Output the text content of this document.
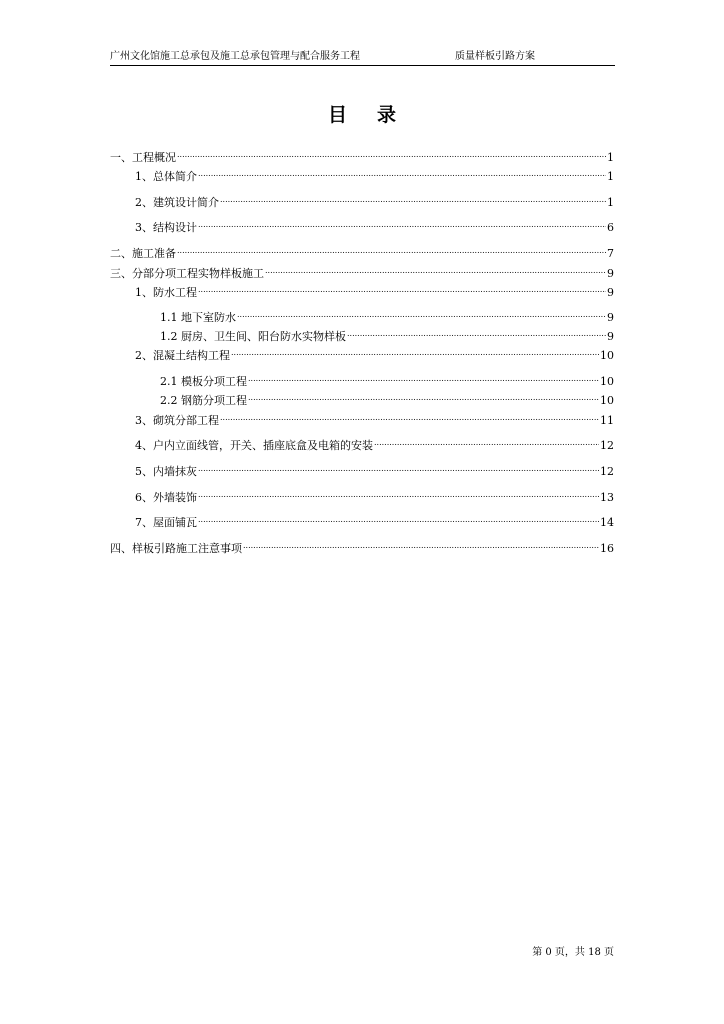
广州文化馆施工总承包及施工总承包管理与配合服务工程	质量样板引路方案
目录
一、工程概况 .....	1
1、总体简介 .....	1
2、建筑设计简介 .....	1
3、结构设计 .....	6
二、施工准备 .....	7
三、分部分项工程实物样板施工 .....	9
1、防水工程 .....	9
1.1 地下室防水 .....	9
1.2 厨房、卫生间、阳台防水实物样板 .....	9
2、混凝土结构工程 .....	10
2.1 模板分项工程 .....	10
2.2 钢筋分项工程 .....	10
3、砌筑分部工程 .....	11
4、户内立面线管，开关、插座底盒及电箱的安装 .....	12
5、内墙抹灰 .....	12
6、外墙装饰 .....	13
7、屋面铺瓦 .....	14
四、样板引路施工注意事项 .....	16
第 0 页，共 18 页
